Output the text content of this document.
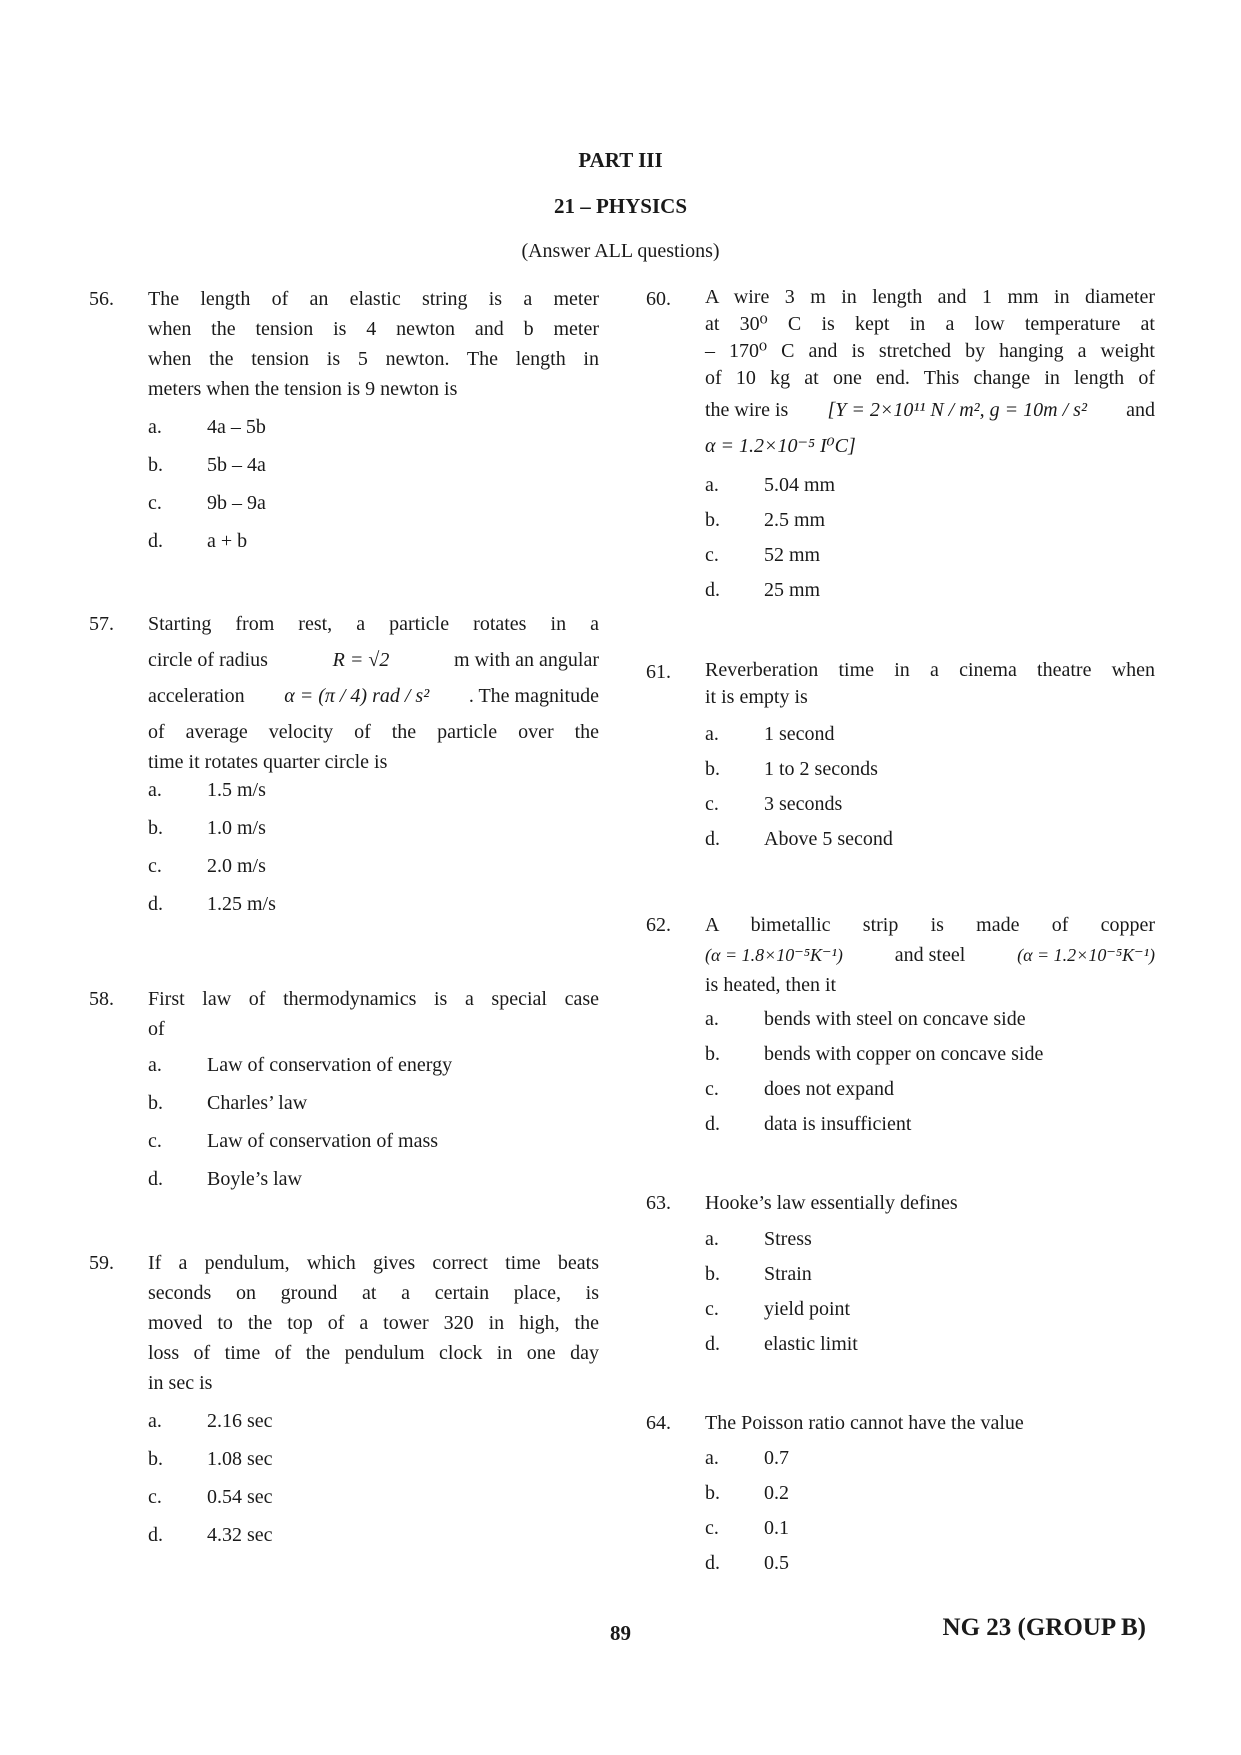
PART III
21 – PHYSICS
(Answer ALL questions)
56. The length of an elastic string is a meter
when the tension is 4 newton and b meter
when the tension is 5 newton. The length in
meters when the tension is 9 newton is
a. 4a – 5b
b. 5b – 4a
c. 9b – 9a
d. a + b
57. Starting from rest, a particle rotates in a
circle of radius	R = √2	m with an angular
acceleration α = (π / 4) rad / s² . The magnitude
of average velocity of the particle over the
time it rotates quarter circle is
a. 1.5 m/s
b. 1.0 m/s
c. 2.0 m/s
d. 1.25 m/s
58. First law of thermodynamics is a special case
of
a. Law of conservation of energy
b. Charles’ law
c. Law of conservation of mass
d. Boyle’s law
59. If a pendulum, which gives correct time beats
seconds on ground at a certain place, is
moved to the top of a tower 320 in high, the
loss of time of the pendulum clock in one day
in sec is
a. 2.16 sec
b. 1.08 sec
c. 0.54 sec
d. 4.32 sec
60. A wire 3 m in length and 1 mm in diameter
at 30⁰ C is kept in a low temperature at
– 170⁰ C and is stretched by hanging a weight
of 10 kg at one end. This change in length of
the wire is [Y = 2×10¹¹ N / m², g = 10m / s² and
α = 1.2×10⁻⁵ I⁰C]
a. 5.04 mm
b. 2.5 mm
c. 52 mm
d. 25 mm
61. Reverberation time in a cinema theatre when
it is empty is
a. 1 second
b. 1 to 2 seconds
c. 3 seconds
d. Above 5 second
62. A bimetallic strip is made of copper
(α = 1.8×10⁻⁵K⁻¹)	and steel	(α = 1.2×10⁻⁵K⁻¹)
is heated, then it
a. bends with steel on concave side
b. bends with copper on concave side
c. does not expand
d. data is insufficient
63. Hooke’s law essentially defines
a. Stress
b. Strain
c. yield point
d. elastic limit
64. The Poisson ratio cannot have the value
a. 0.7
b. 0.2
c. 0.1
d. 0.5
89	NG 23 (GROUP B)
